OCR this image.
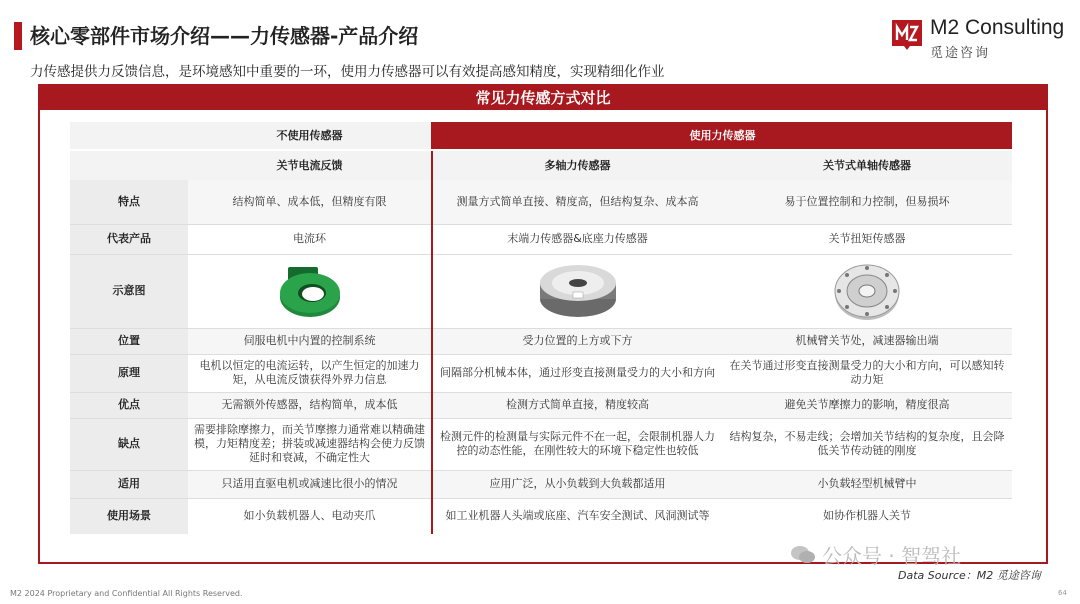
核心零部件市场介绍——力传感器-产品介绍	M2 Consulting
觅途咨询
力传感提供力反馈信息，是环境感知中重要的一环，使用力传感器可以有效提高感知精度，实现精细化作业
常见力传感方式对比
	不使用传感器	使用力传感器	
	关节电流反馈	多轴力传感器	关节式单轴传感器
特点	结构简单、成本低，但精度有限	测量方式简单直接、精度高，但结构复杂、成本高	易于位置控制和力控制，但易损坏
代表产品	电流环	末端力传感器&底座力传感器	关节扭矩传感器
示意图	

位置	伺服电机中内置的控制系统	受力位置的上方或下方	机械臂关节处，减速器输出端
原理	电机以恒定的电流运转，以产生恒定的加速力矩，从电流反馈获得外界力信息	间隔部分机械本体，通过形变直接测量受力的大小和方向	在关节通过形变直接测量受力的大小和方向，可以感知转动力矩
优点	无需额外传感器，结构简单，成本低	检测方式简单直接，精度较高	避免关节摩擦力的影响，精度很高
缺点	需要排除摩擦力，而关节摩擦力通常难以精确建模，力矩精度差；拼装或减速器结构会使力反馈延时和衰减，不确定性大	检测元件的检测量与实际元件不在一起，会限制机器人力控的动态性能，在刚性较大的环境下稳定性也较低	结构复杂，不易走线；会增加关节结构的复杂度，且会降低关节传动链的刚度
适用	只适用直驱电机或减速比很小的情况	应用广泛，从小负载到大负载都适用	小负载轻型机械臂中
使用场景	如小负载机器人、电动夹爪	如工业机器人头端或底座、汽车安全测试、风洞测试等	如协作机器人关节
公众号 · 智驾社
Data Source：M2 觅途咨询
M2 2024 Proprietary and Confidential All Rights Reserved.	64
